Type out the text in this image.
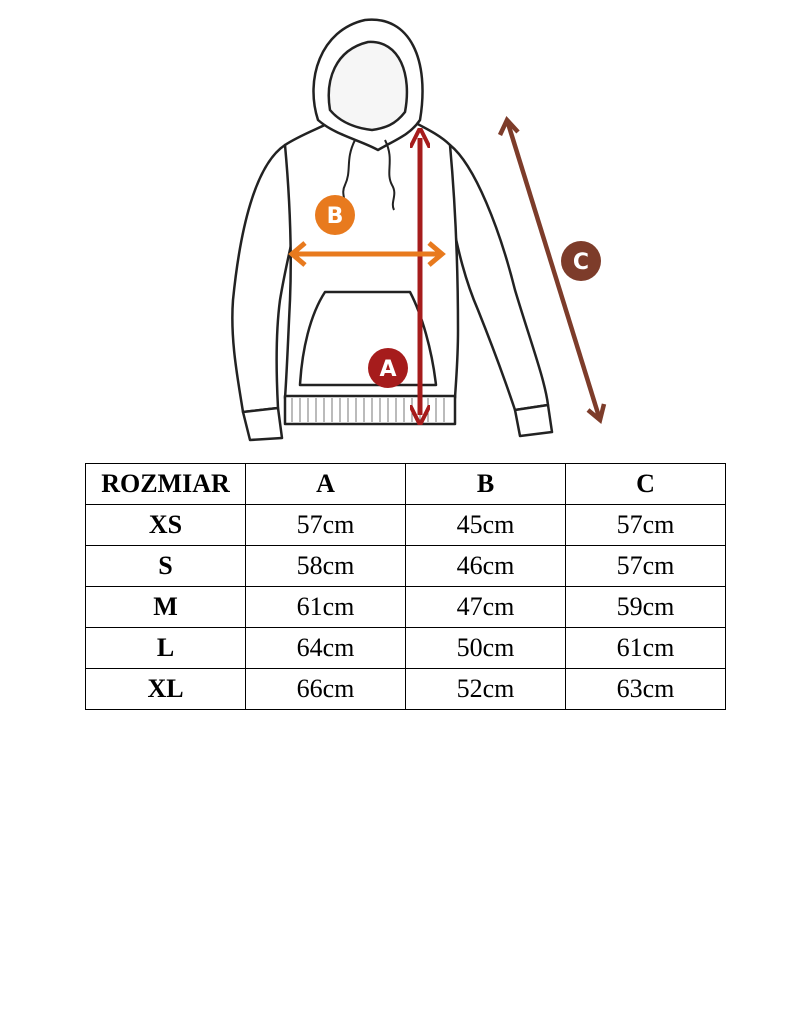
A
B
C
ROZMIAR	A	B	C
XS	57cm	45cm	57cm
S	58cm	46cm	57cm
M	61cm	47cm	59cm
L	64cm	50cm	61cm
XL	66cm	52cm	63cm
